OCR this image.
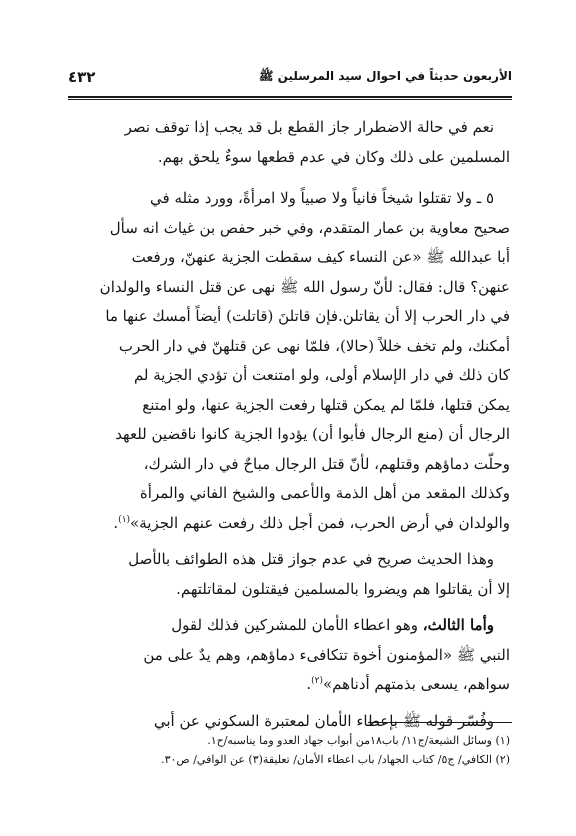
٤٣٢	الأربعون حديثاً في احوال سيد المرسلين ﷺ

نعم في حالة الاضطرار جاز القطع بل قد يجب إذا توقف نصر
المسلمين على ذلك وكان في عدم قطعها سوءٌ يلحق بهم.

٥ ـ ولا تقتلوا شيخاً فانياً ولا صبياً ولا امرأةً، وورد مثله في
صحيح معاوية بن عمار المتقدم، وفي خبر حفص بن غياث انه سأل
أبا عبدالله ﷺ «عن النساء كيف سقطت الجزية عنهنّ، ورفعت
عنهن؟ قال: فقال: لأنّ رسول الله ﷺ نهى عن قتل النساء والولدان
في دار الحرب إلا أن يقاتلن.فإن قاتلنَ (قاتلت) أيضاً أمسك عنها ما
أمكنك، ولم تخف خللاً (حالا)، فلمّا نهى عن قتلهنّ في دار الحرب
كان ذلك في دار الإسلام أولى، ولو امتنعت أن تؤدي الجزية لم
يمكن قتلها، فلمّا لم يمكن قتلها رفعت الجزية عنها، ولو امتنع
الرجال أن (منع الرجال فأبوا أن) يؤدوا الجزية كانوا ناقضين للعهد
وحلّت دماؤهم وقتلهم، لأنّ قتل الرجال مباحٌ في دار الشرك،
وكذلك المقعد من أهل الذمة والأعمى والشيخ الفاني والمرأة
والولدان في أرض الحرب، فمن أجل ذلك رفعت عنهم الجزية»$^{(١)}$.

وهذا الحديث صريح في عدم جواز قتل هذه الطوائف بالأصل
إلا أن يقاتلوا هم ويضروا بالمسلمين فيقتلون لمقاتلتهم.

وأما الثالث، وهو اعطاء الأمان للمشركين فذلك لقول
النبي ﷺ «المؤمنون أخوة تتكافىء دماؤهم، وهم يدٌ على من
سواهم، يسعى بذمتهم أدناهم»$^{(٢)}$.

وفُسّر قوله ﷺ بإعطاء الأمان لمعتبرة السكوني عن أبي

(١) وسائل الشيعة/ج١١/ باب١٨من أبواب جهاد العدو وما يناسبه/ح١.

(٢) الكافي/ ج٥/ كتاب الجهاد/ باب اعطاء الأمان/ تعليقة(٣) عن الوافي/ ص٣٠.
